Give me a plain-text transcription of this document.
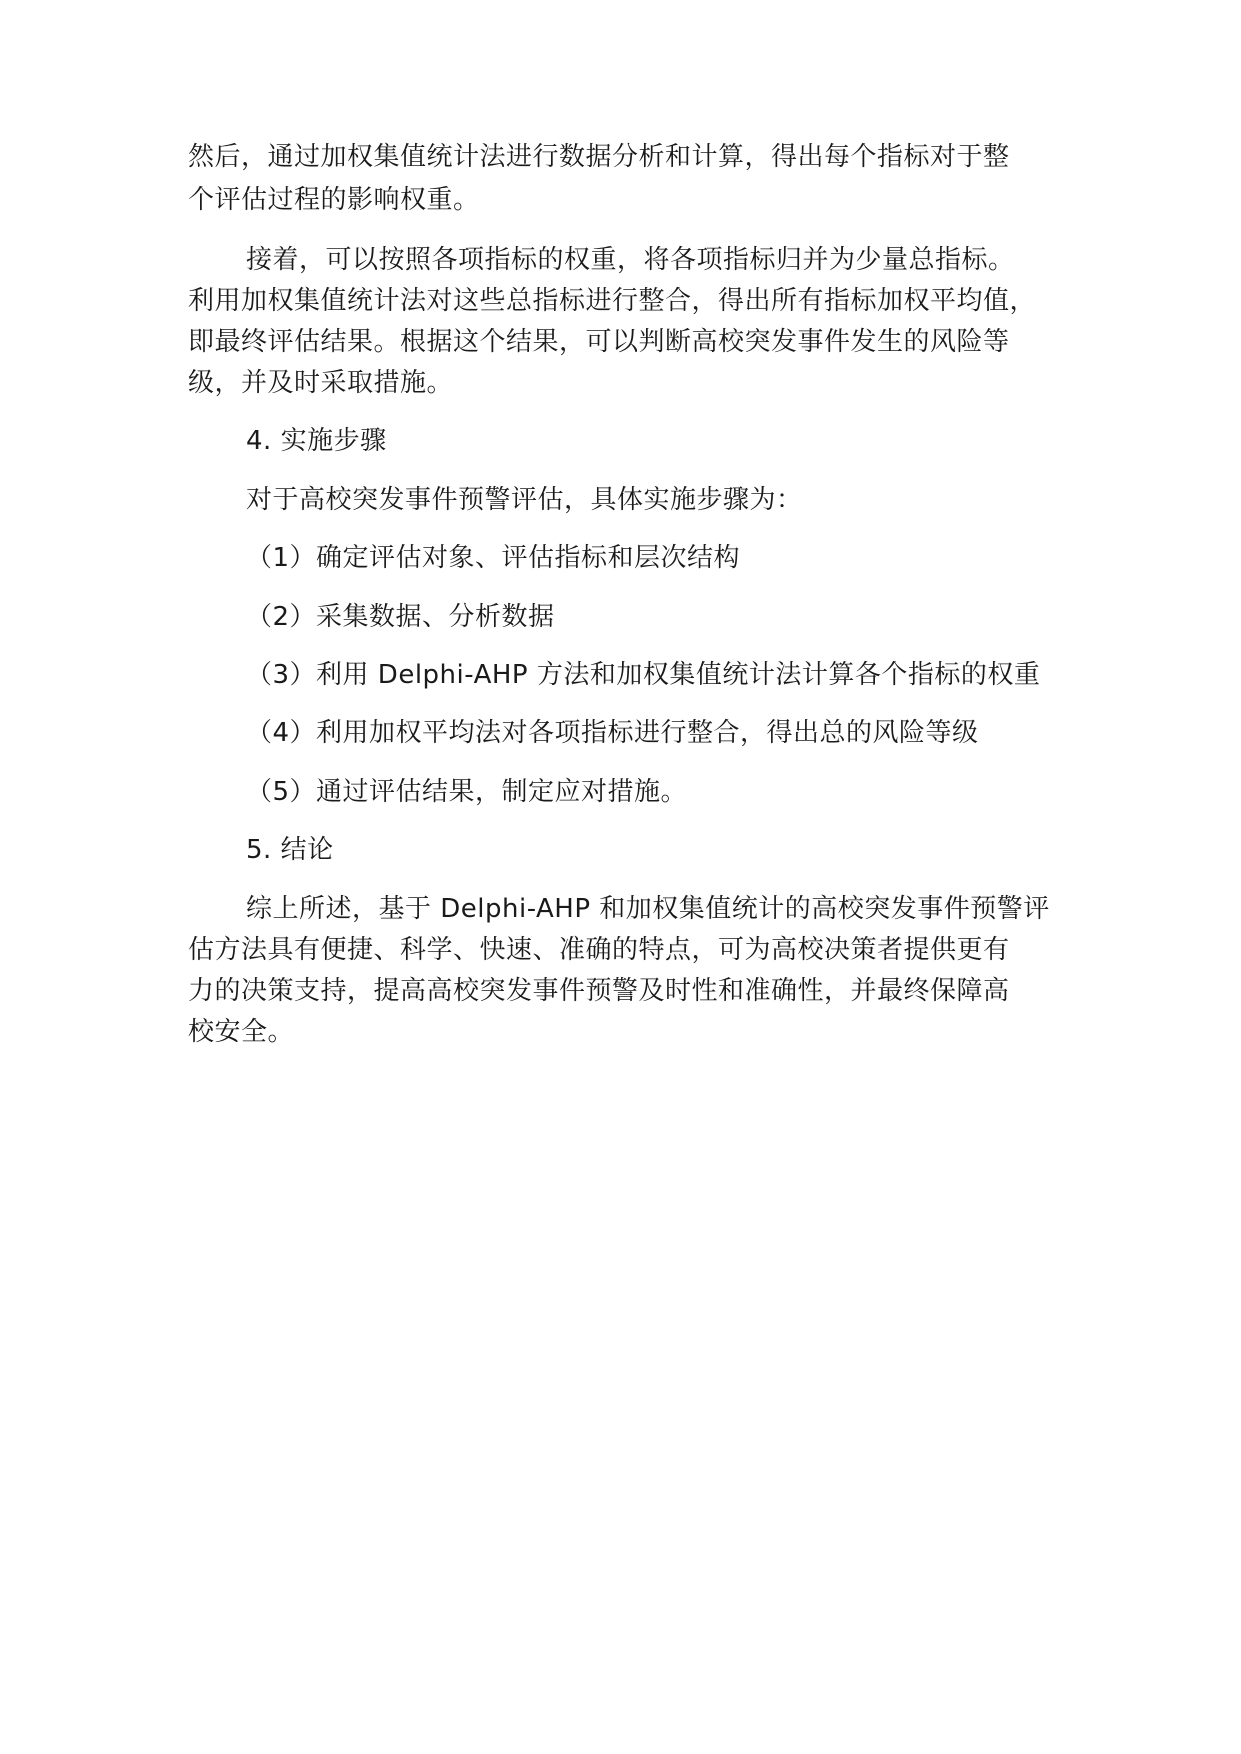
然后，通过加权集值统计法进行数据分析和计算，得出每个指标对于整
个评估过程的影响权重。
接着，可以按照各项指标的权重，将各项指标归并为少量总指标。
利用加权集值统计法对这些总指标进行整合，得出所有指标加权平均值，
即最终评估结果。根据这个结果，可以判断高校突发事件发生的风险等
级，并及时采取措施。
4. 实施步骤
对于高校突发事件预警评估，具体实施步骤为：
（1）确定评估对象、评估指标和层次结构
（2）采集数据、分析数据
（3）利用 Delphi-AHP 方法和加权集值统计法计算各个指标的权重
（4）利用加权平均法对各项指标进行整合，得出总的风险等级
（5）通过评估结果，制定应对措施。
5. 结论
综上所述，基于 Delphi-AHP 和加权集值统计的高校突发事件预警评
估方法具有便捷、科学、快速、准确的特点，可为高校决策者提供更有
力的决策支持，提高高校突发事件预警及时性和准确性，并最终保障高
校安全。
